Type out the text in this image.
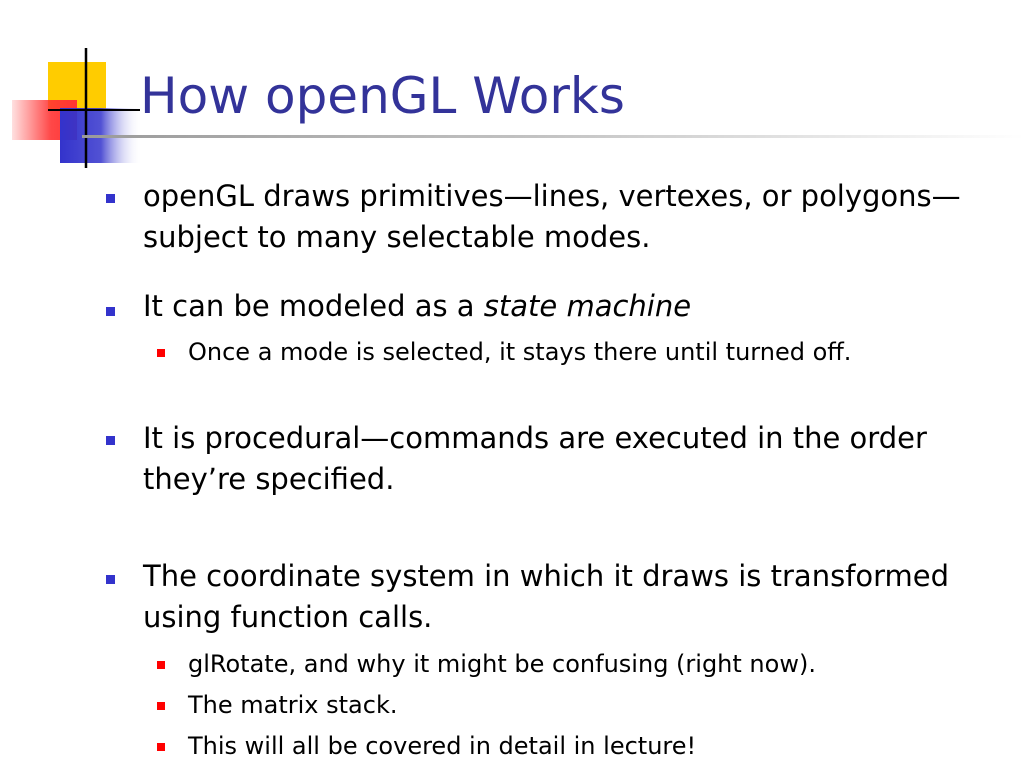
How openGL Works
openGL draws primitives—lines, vertexes, or polygons—subject to many selectable modes.
It can be modeled as a state machine
Once a mode is selected, it stays there until turned off.
It is procedural—commands are executed in the order they’re specified.
The coordinate system in which it draws is transformed using function calls.
glRotate, and why it might be confusing (right now).
The matrix stack.
This will all be covered in detail in lecture!
